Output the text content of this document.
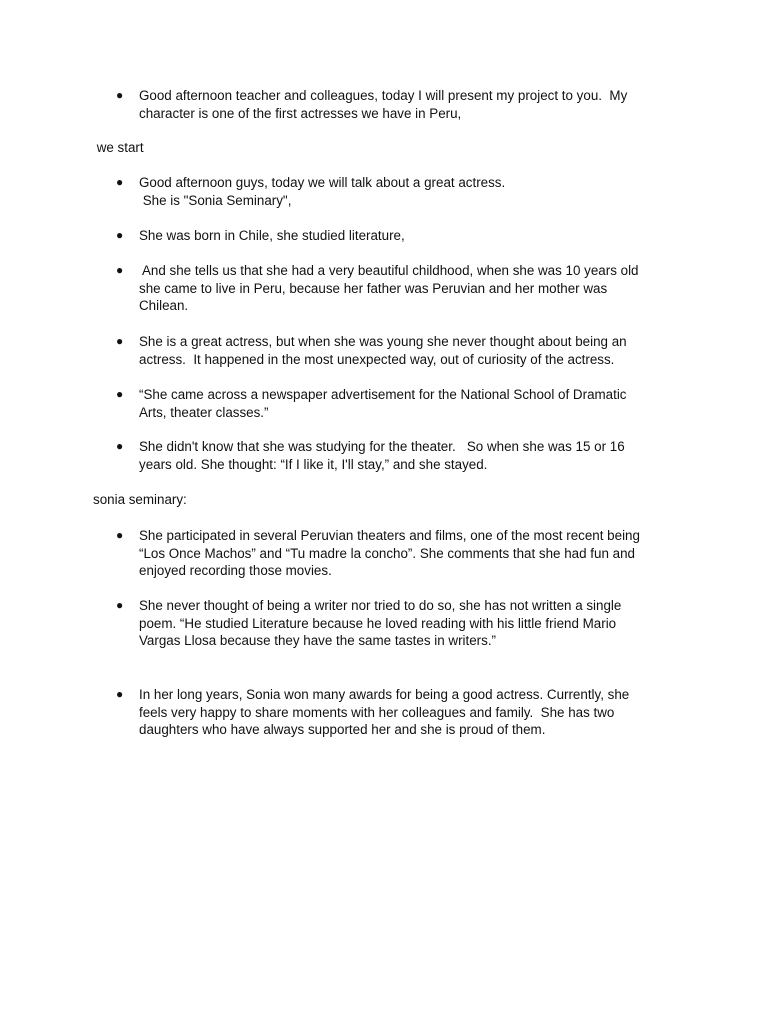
● Good afternoon teacher and colleagues, today I will present my project to you.  My
character is one of the first actresses we have in Peru,
we start
● Good afternoon guys, today we will talk about a great actress.
She is "Sonia Seminary",
● She was born in Chile, she studied literature,
● And she tells us that she had a very beautiful childhood, when she was 10 years old
she came to live in Peru, because her father was Peruvian and her mother was
Chilean.
● She is a great actress, but when she was young she never thought about being an
actress.  It happened in the most unexpected way, out of curiosity of the actress.
● “She came across a newspaper advertisement for the National School of Dramatic
Arts, theater classes.”
● She didn't know that she was studying for the theater.   So when she was 15 or 16
years old. She thought: “If I like it, I'll stay,” and she stayed.
sonia seminary:
● She participated in several Peruvian theaters and films, one of the most recent being
“Los Once Machos” and “Tu madre la concho”. She comments that she had fun and
enjoyed recording those movies.
● She never thought of being a writer nor tried to do so, she has not written a single
poem. “He studied Literature because he loved reading with his little friend Mario
Vargas Llosa because they have the same tastes in writers.”
● In her long years, Sonia won many awards for being a good actress. Currently, she
feels very happy to share moments with her colleagues and family.  She has two
daughters who have always supported her and she is proud of them.
